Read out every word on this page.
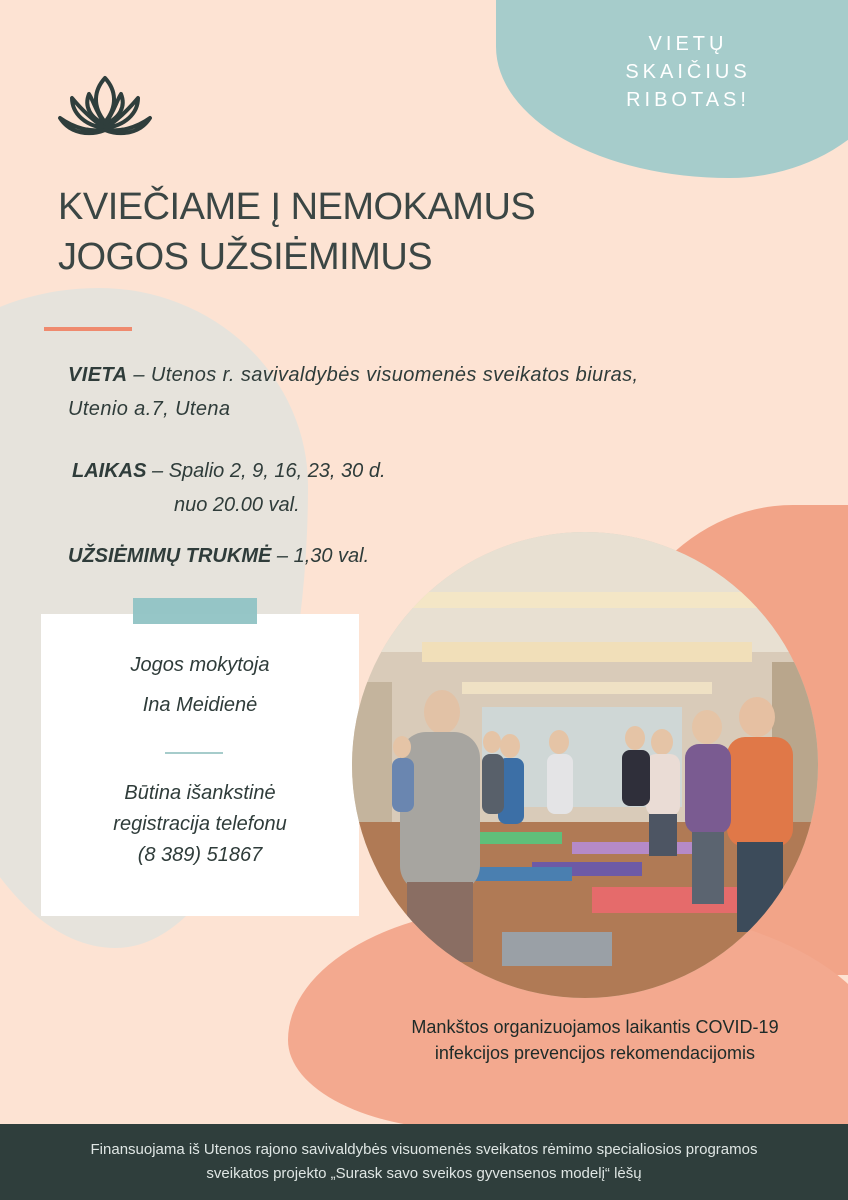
VIETŲ
SKAIČIUS
RIBOTAS!
KVIEČIAME Į NEMOKAMUS
JOGOS UŽSIĖMIMUS
VIETA – Utenos r. savivaldybės visuomenės sveikatos biuras,
Utenio a.7, Utena
LAIKAS – Spalio 2, 9, 16, 23, 30 d.
nuo 20.00 val.
UŽSIĖMIMŲ TRUKMĖ – 1,30 val.
Jogos mokytoja
Ina Meidienė
Būtina išankstinė
registracija telefonu
(8 389) 51867
Mankštos organizuojamos laikantis COVID-19
infekcijos prevencijos rekomendacijomis
Finansuojama iš Utenos rajono savivaldybės visuomenės sveikatos rėmimo specialiosios programos
sveikatos projekto „Surask savo sveikos gyvensenos modelį“ lėšų
